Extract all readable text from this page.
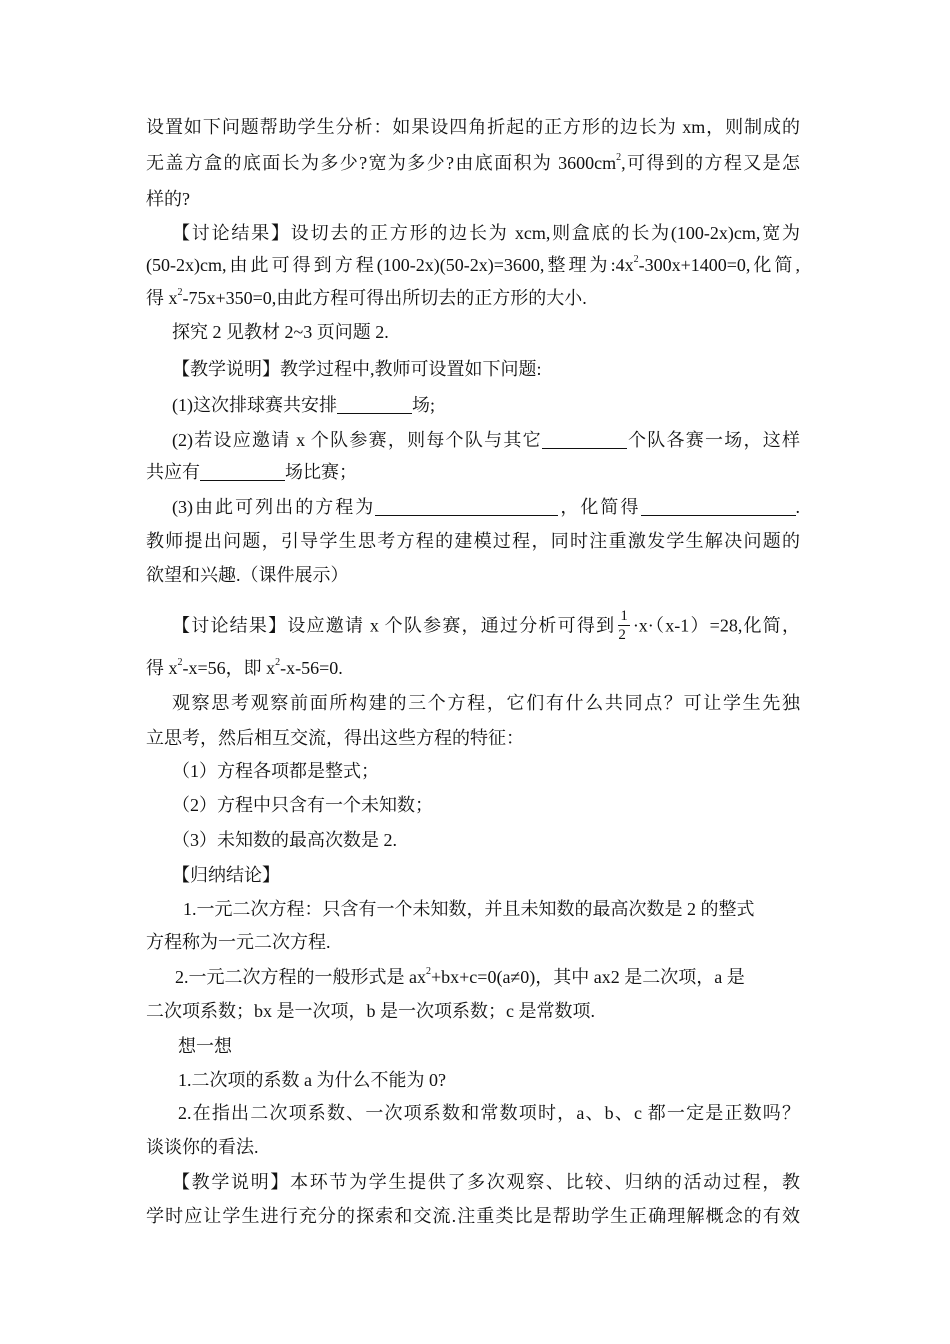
设置如下问题帮助学生分析：如果设四角折起的正方形的边长为 xm，则制成的
无盖方盒的底面长为多少?宽为多少?由底面积为 $3600cm^2$,可得到的方程又是怎
样的?
【讨论结果】设切去的正方形的边长为 xcm,则盒底的长为(100-2x)cm,宽为
(50-2x)cm,由此可得到方程(100-2x)(50-2x)=3600,整理为$:4x^2-300x+1400=0$,化简,
得 $x^2-75x+350=0$,由此方程可得出所切去的正方形的大小.
探究 2 见教材 2~3 页问题 2.
【教学说明】教学过程中,教师可设置如下问题:
(1)这次排球赛共安排	场;
(2)若设应邀请 x 个队参赛，则每个队与其它	个队各赛一场，这样
共应有	场比赛；
(3)由此可列出的方程为	，化简得	.
教师提出问题，引导学生思考方程的建模过程，同时注重激发学生解决问题的
欲望和兴趣.（课件展示）
【讨论结果】设应邀请 x 个队参赛，通过分析可得到 $\frac{1}{2} \cdot x\cdot(x-1)=28$,化简，
得 $x^2-x=56$，即 $x^2-x-56=0$.
观察思考观察前面所构建的三个方程，它们有什么共同点？可让学生先独
立思考，然后相互交流，得出这些方程的特征：
（1）方程各项都是整式；
（2）方程中只含有一个未知数；
（3）未知数的最高次数是 2.
【归纳结论】
1.一元二次方程：只含有一个未知数，并且未知数的最高次数是 2 的整式
方程称为一元二次方程.
2.一元二次方程的一般形式是 $ax^2+bx+c=0(a\ne 0)$，其中 ax2 是二次项，a 是
二次项系数；bx 是一次项，b 是一次项系数；c 是常数项.
想一想
1.二次项的系数 a 为什么不能为 0?
2.在指出二次项系数、一次项系数和常数项时，a、b、c 都一定是正数吗？
谈谈你的看法.
【教学说明】本环节为学生提供了多次观察、比较、归纳的活动过程，教
学时应让学生进行充分的探索和交流.注重类比是帮助学生正确理解概念的有效
